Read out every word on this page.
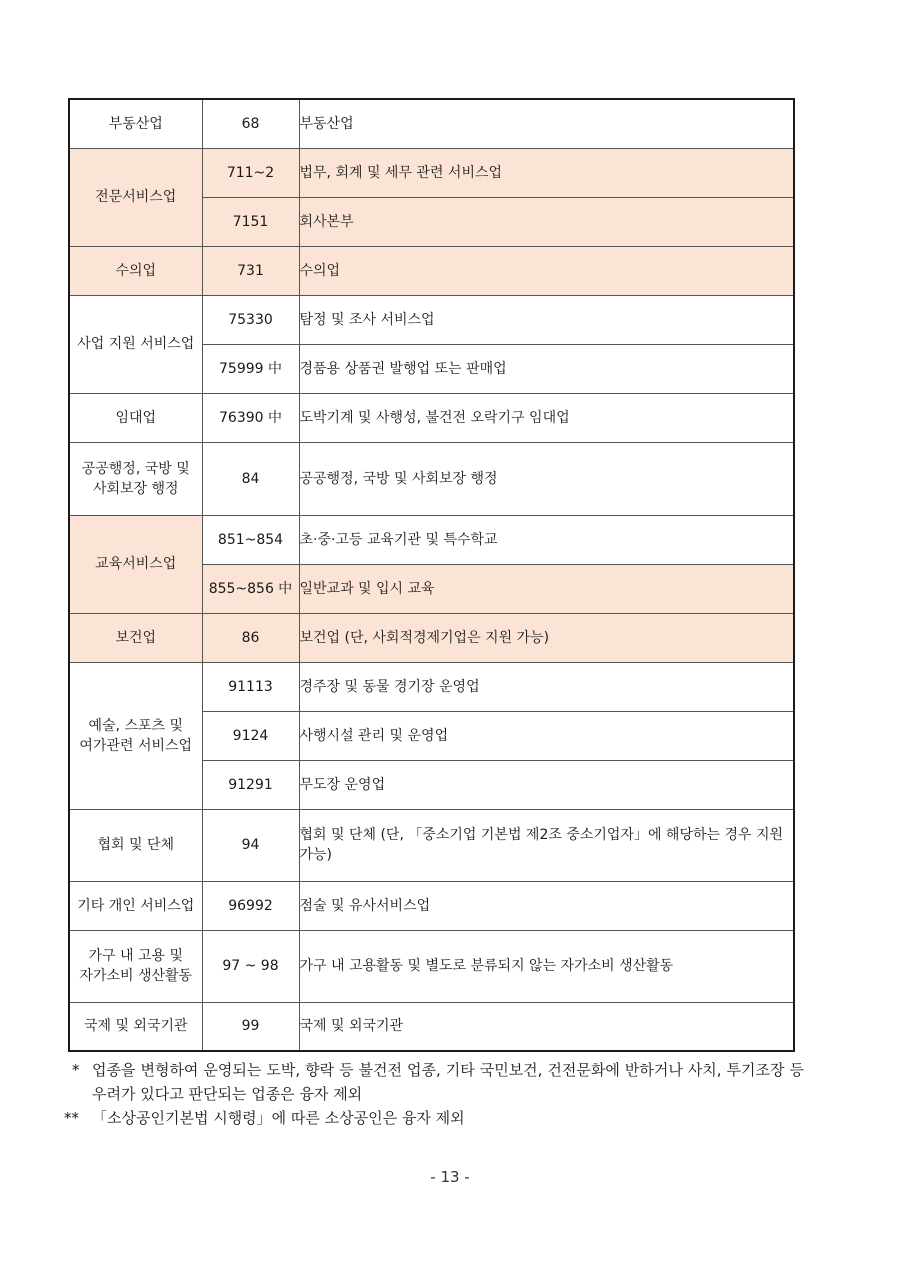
부동산업	68	부동산업
전문서비스업	711~2	법무, 회계 및 세무 관련 서비스업
	7151	회사본부
수의업	731	수의업
사업 지원 서비스업	75330	탐정 및 조사 서비스업
	75999 中	경품용 상품권 발행업 또는 판매업
임대업	76390 中	도박기계 및 사행성, 불건전 오락기구 임대업

공공행정, 국방 및
사회보장 행정	84	공공행정, 국방 및 사회보장 행정
교육서비스업	851~854	초·중·고등 교육기관 및 특수학교
	855~856 中	일반교과 및 입시 교육
보건업	86	보건업 (단, 사회적경제기업은 지원 가능)

예술, 스포츠 및
여가관련 서비스업	91113	경주장 및 동물 경기장 운영업
	9124	사행시설 관리 및 운영업
	91291	무도장 운영업
협회 및 단체	94	협회 및 단체 (단, 「중소기업 기본법 제2조 중소기업자」에 해당하는 경우 지원가능)
기타 개인 서비스업	96992	점술 및 유사서비스업

가구 내 고용 및
자가소비 생산활동	97 ~ 98	가구 내 고용활동 및 별도로 분류되지 않는 자가소비 생산활동
국제 및 외국기관	99	국제 및 외국기관
* 업종을 변형하여 운영되는 도박, 향락 등 불건전 업종, 기타 국민보건, 건전문화에 반하거나 사치, 투기조장 등 우려가 있다고 판단되는 업종은 융자 제외
** 「소상공인기본법 시행령」에 따른 소상공인은 융자 제외
- 13 -
